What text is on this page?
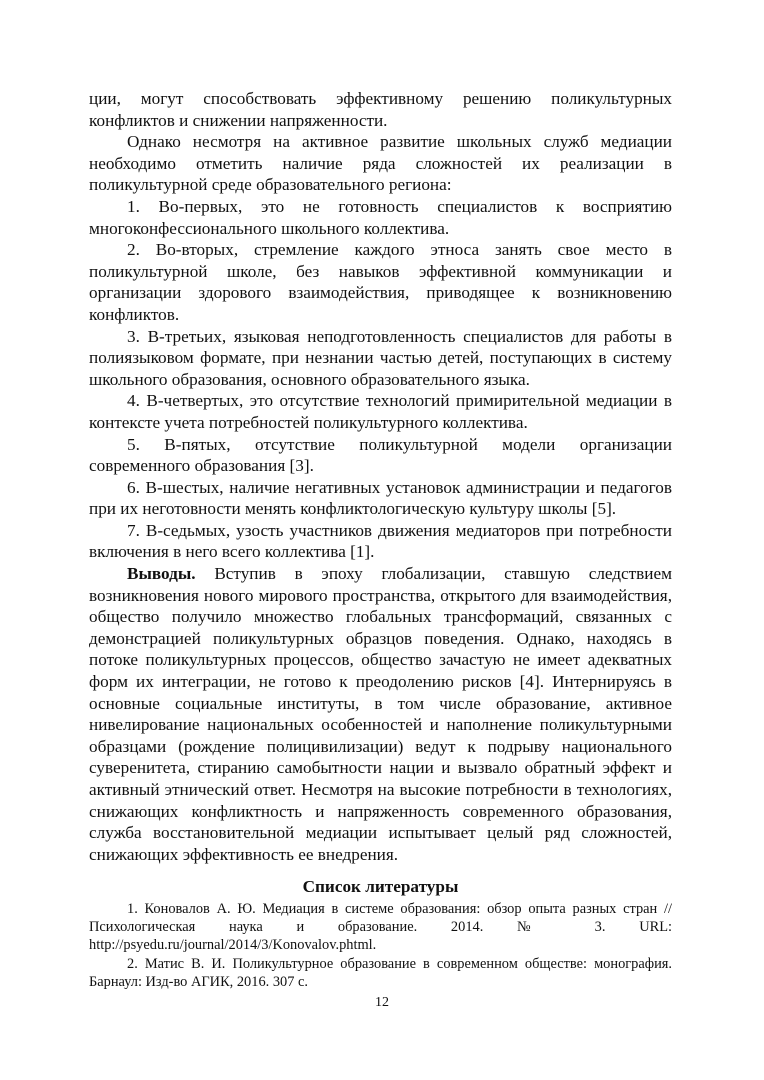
ции, могут способствовать эффективному решению поликультурных конфликтов и снижении напряженности.

Однако несмотря на активное развитие школьных служб медиации необходимо отметить наличие ряда сложностей их реализации в поликультурной среде образовательного региона:

1. Во-первых, это не готовность специалистов к восприятию многоконфессионального школьного коллектива.

2. Во-вторых, стремление каждого этноса занять свое место в поликультурной школе, без навыков эффективной коммуникации и организации здорового взаимодействия, приводящее к возникновению конфликтов.

3. В-третьих, языковая неподготовленность специалистов для работы в полиязыковом формате, при незнании частью детей, поступающих в систему школьного образования, основного образовательного языка.

4. В-четвертых, это отсутствие технологий примирительной медиации в контексте учета потребностей поликультурного коллектива.

5. В-пятых, отсутствие поликультурной модели организации современного образования [3].

6. В-шестых, наличие негативных установок администрации и педагогов при их неготовности менять конфликтологическую культуру школы [5].

7. В-седьмых, узость участников движения медиаторов при потребности включения в него всего коллектива [1].

Выводы. Вступив в эпоху глобализации, ставшую следствием возникновения нового мирового пространства, открытого для взаимодействия, общество получило множество глобальных трансформаций, связанных с демонстрацией поликультурных образцов поведения. Однако, находясь в потоке поликультурных процессов, общество зачастую не имеет адекватных форм их интеграции, не готово к преодолению рисков [4]. Интернируясь в основные социальные институты, в том числе образование, активное нивелирование национальных особенностей и наполнение поликультурными образцами (рождение полицивилизации) ведут к подрыву национального суверенитета, стиранию самобытности нации и вызвало обратный эффект и активный этнический ответ. Несмотря на высокие потребности в технологиях, снижающих конфликтность и напряженность современного образования, служба восстановительной медиации испытывает целый ряд сложностей, снижающих эффективность ее внедрения.

Список литературы

1. Коновалов А. Ю. Медиация в системе образования: обзор опыта разных стран // Психологическая наука и образование. 2014. № 3. URL: http://psyedu.ru/journal/2014/3/Konovalov.phtml.

2. Матис В. И. Поликультурное образование в современном обществе: монография. Барнаул: Изд-во АГИК, 2016. 307 с.

12
